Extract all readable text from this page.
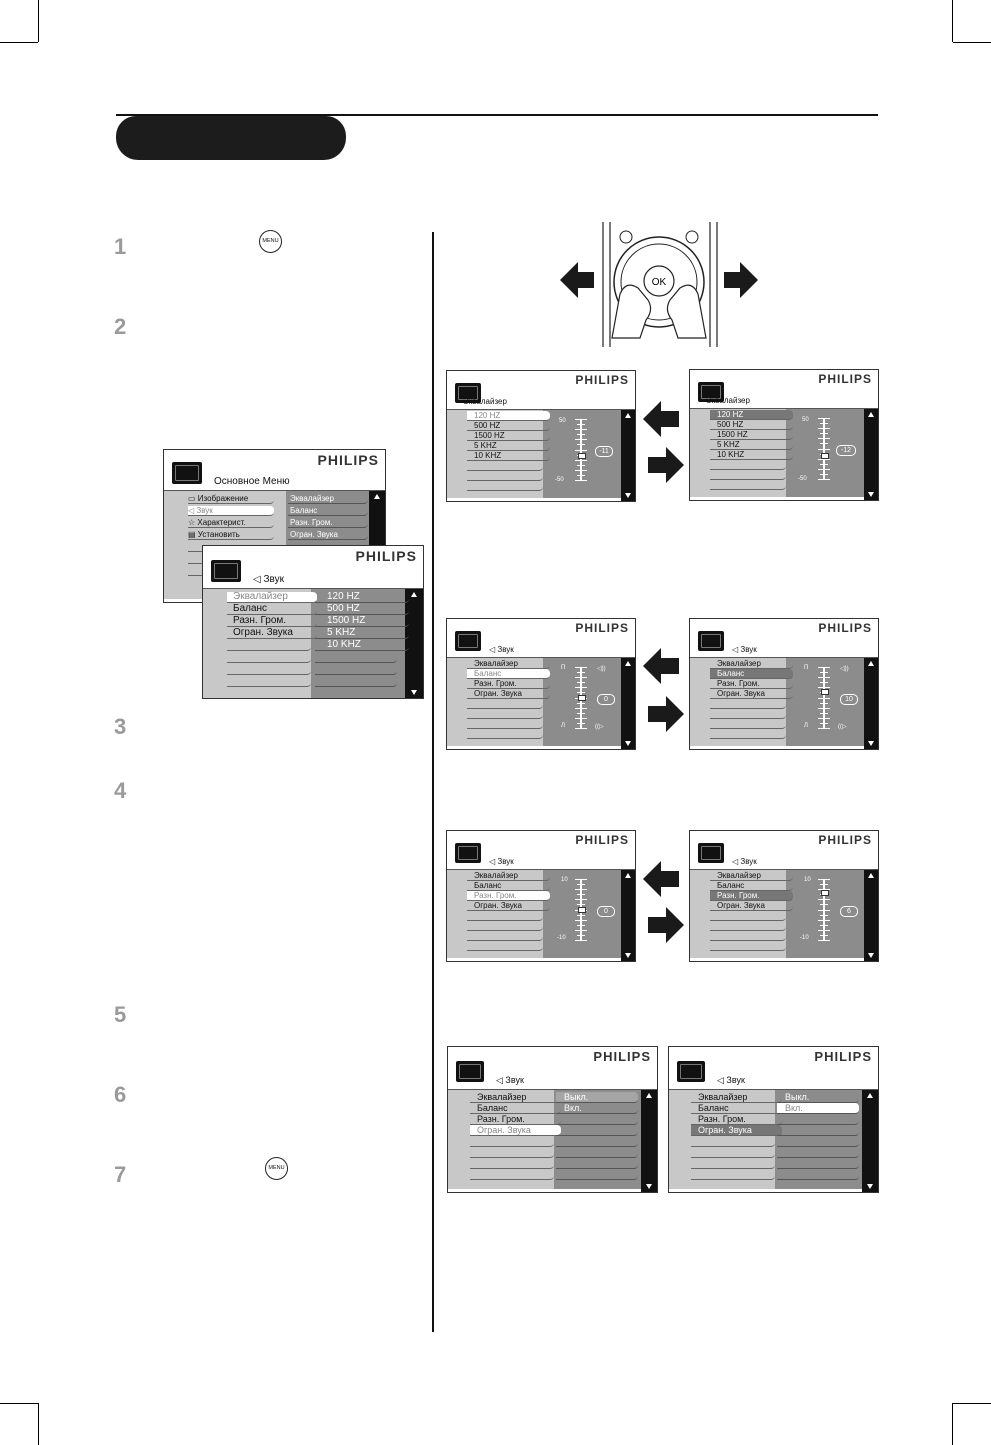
1
2
3
4
5
6
7
MENU
MENU
OK
PHILIPS
Основное Меню
▭ Изображение
◁ Звук
☆ Характерист.
▤ Установить
Эквалайзер
Баланс
Разн. Гром.
Огран. Звука
PHILIPS
◁ Звук
Эквалайзер
Баланс
Разн. Гром.
Огран. Звука
120 HZ
500 HZ
1500 HZ
5 KHZ
10 KHZ
PHILIPS
Эквалайзер
120 HZ
500 HZ
1500 HZ
5 KHZ
10 KHZ
50
-50
-11
PHILIPS
Эквалайзер
120 HZ
500 HZ
1500 HZ
5 KHZ
10 KHZ
50
-50
-12
PHILIPS
◁ Звук
Эквалайзер
Баланс
Разн. Гром.
Огран. Звука
П
Л
◁))
((▷
0
PHILIPS
◁ Звук
Эквалайзер
Баланс
Разн. Гром.
Огран. Звука
П
Л
◁))
((▷
10
PHILIPS
◁ Звук
Эквалайзер
Баланс
Разн. Гром.
Огран. Звука
10
-10
0
PHILIPS
◁ Звук
Эквалайзер
Баланс
Разн. Гром.
Огран. Звука
10
-10
6
PHILIPS
◁ Звук
Эквалайзер
Баланс
Разн. Гром.
Огран. Звука
Выкл.
Вкл.
PHILIPS
◁ Звук
Эквалайзер
Баланс
Разн. Гром.
Огран. Звука
Выкл.
Вкл.
